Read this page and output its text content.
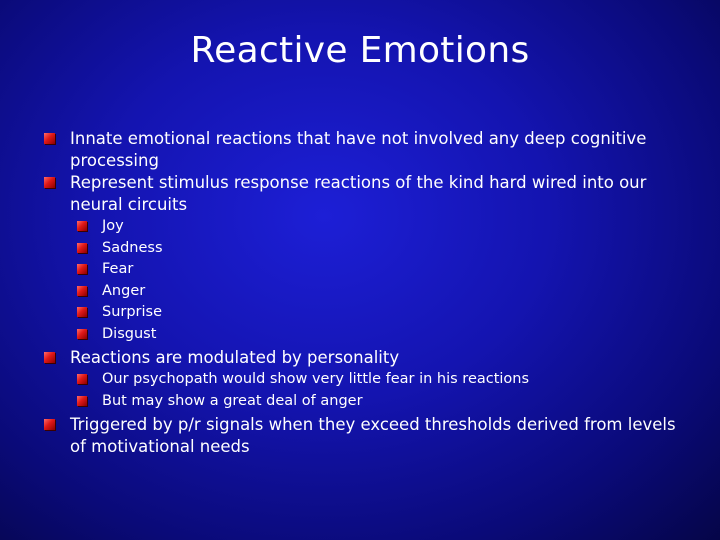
Reactive Emotions
Innate emotional reactions that have not involved any deep cognitive processing
Represent stimulus response reactions of the kind hard wired into our neural circuits
Joy
Sadness
Fear
Anger
Surprise
Disgust
Reactions are modulated by personality
Our psychopath would show very little fear in his reactions
But may show a great deal of anger
Triggered by p/r signals when they exceed thresholds derived from levels of motivational needs
